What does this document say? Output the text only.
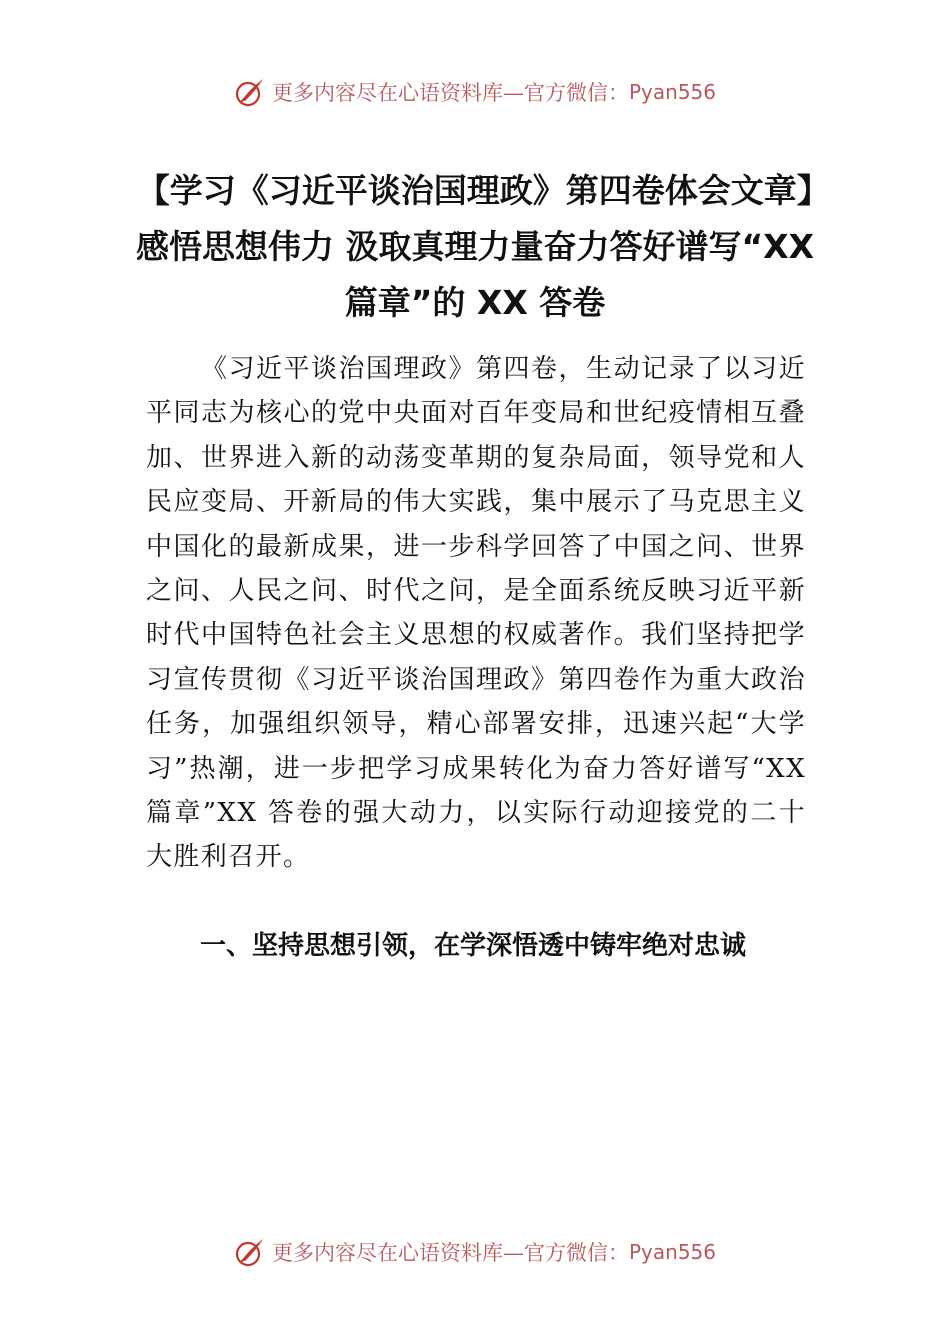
更多内容尽在心语资料库—官方微信： Pyan556
【学习《习近平谈治国理政》第四卷体会文章】感悟思想伟力 汲取真理力量奋力答好谱写“XX 篇章”的 XX 答卷

《习近平谈治国理政》第四卷，生动记录了以习近平同志为核心的党中央面对百年变局和世纪疫情相互叠加、世界进入新的动荡变革期的复杂局面，领导党和人民应变局、开新局的伟大实践，集中展示了马克思主义中国化的最新成果，进一步科学回答了中国之问、世界之问、人民之问、时代之问，是全面系统反映习近平新时代中国特色社会主义思想的权威著作。我们坚持把学习宣传贯彻《习近平谈治国理政》第四卷作为重大政治任务，加强组织领导，精心部署安排，迅速兴起“大学习”热潮，进一步把学习成果转化为奋力答好谱写“XX 篇章”XX 答卷的强大动力，以实际行动迎接党的二十大胜利召开。

一、坚持思想引领，在学深悟透中铸牢绝对忠诚
更多内容尽在心语资料库—官方微信： Pyan556
